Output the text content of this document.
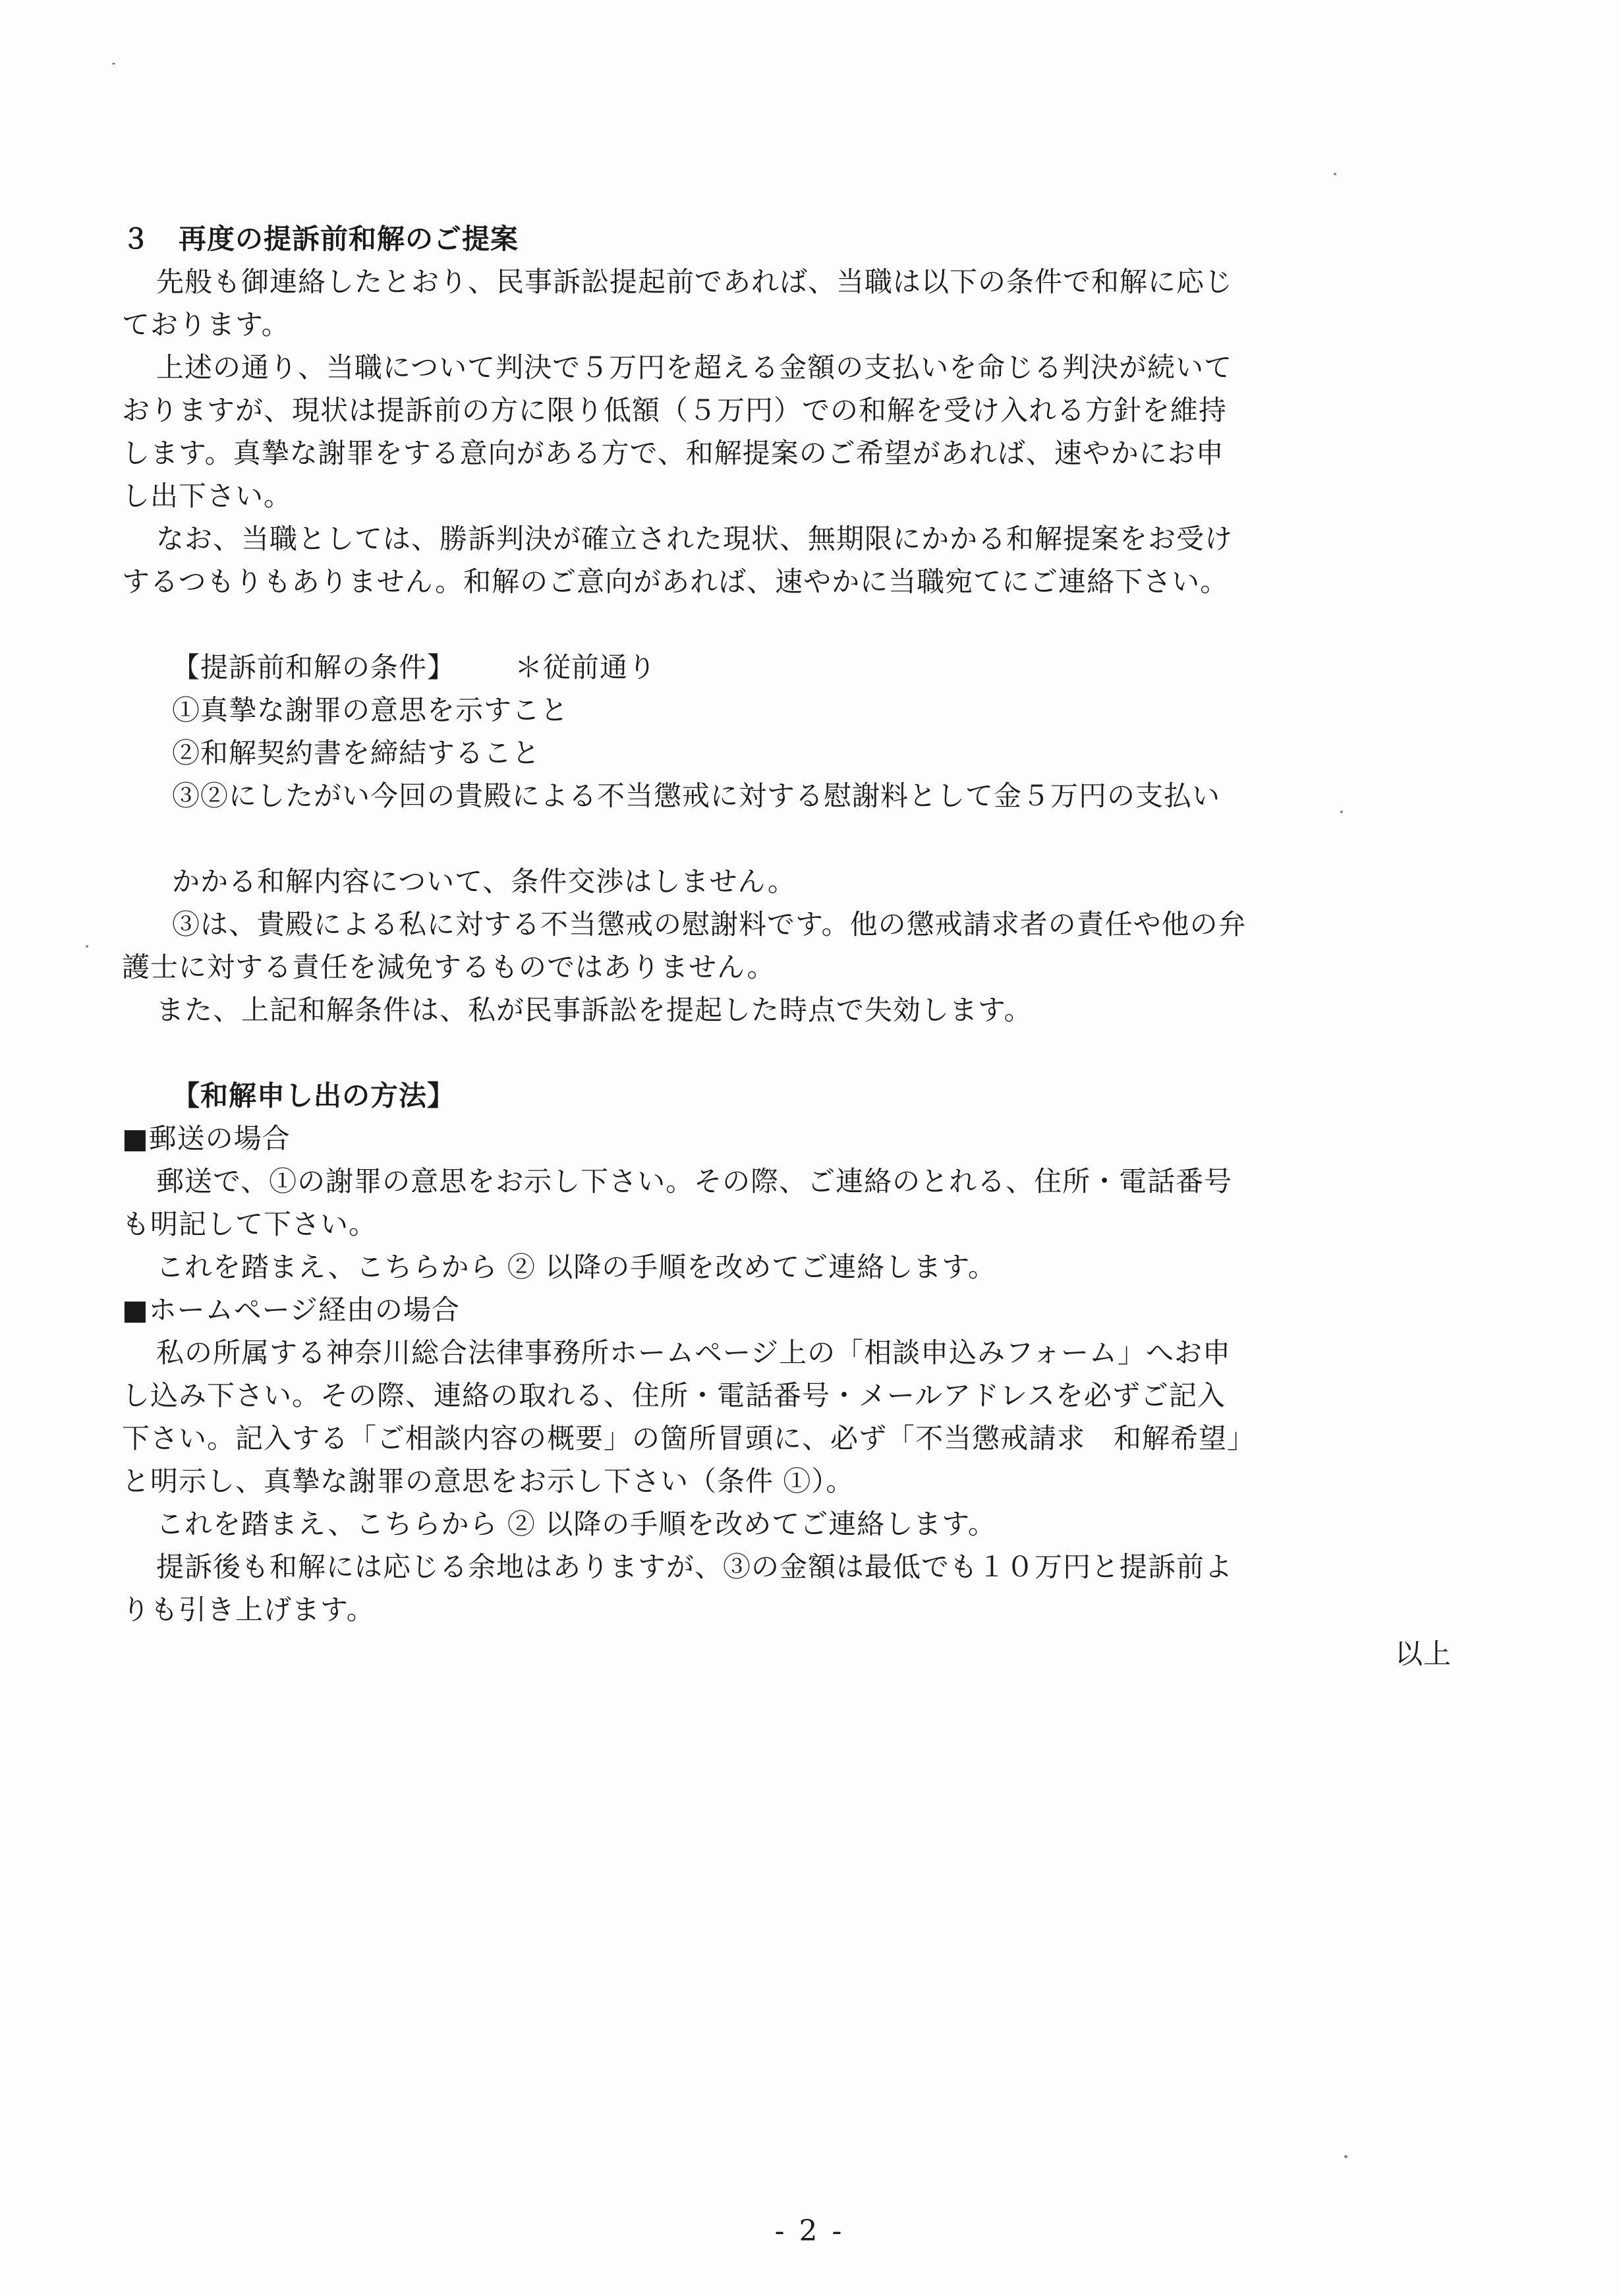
３　再度の提訴前和解のご提案
先般も御連絡したとおり、民事訴訟提起前であれば、当職は以下の条件で和解に応じ
ております。
上述の通り、当職について判決で５万円を超える金額の支払いを命じる判決が続いて
おりますが、現状は提訴前の方に限り低額（５万円）での和解を受け入れる方針を維持
します。真摯な謝罪をする意向がある方で、和解提案のご希望があれば、速やかにお申
し出下さい。
なお、当職としては、勝訴判決が確立された現状、無期限にかかる和解提案をお受け
するつもりもありません。和解のご意向があれば、速やかに当職宛てにご連絡下さい。
【提訴前和解の条件】 ＊従前通り
①真摯な謝罪の意思を示すこと
②和解契約書を締結すること
③②にしたがい今回の貴殿による不当懲戒に対する慰謝料として金５万円の支払い
かかる和解内容について、条件交渉はしません。
③は、貴殿による私に対する不当懲戒の慰謝料です。他の懲戒請求者の責任や他の弁
護士に対する責任を減免するものではありません。
また、上記和解条件は、私が民事訴訟を提起した時点で失効します。
【和解申し出の方法】
■郵送の場合
郵送で、①の謝罪の意思をお示し下さい。その際、ご連絡のとれる、住所・電話番号
も明記して下さい。
これを踏まえ、こちらから ② 以降の手順を改めてご連絡します。
■ホームページ経由の場合
私の所属する神奈川総合法律事務所ホームページ上の「相談申込みフォーム」へお申
し込み下さい。その際、連絡の取れる、住所・電話番号・メールアドレスを必ずご記入
下さい。記入する「ご相談内容の概要」の箇所冒頭に、必ず「不当懲戒請求　和解希望」
と明示し、真摯な謝罪の意思をお示し下さい（条件 ①）。
これを踏まえ、こちらから ② 以降の手順を改めてご連絡します。
提訴後も和解には応じる余地はありますが、③の金額は最低でも１０万円と提訴前よ
りも引き上げます。
以上
- 2 -
